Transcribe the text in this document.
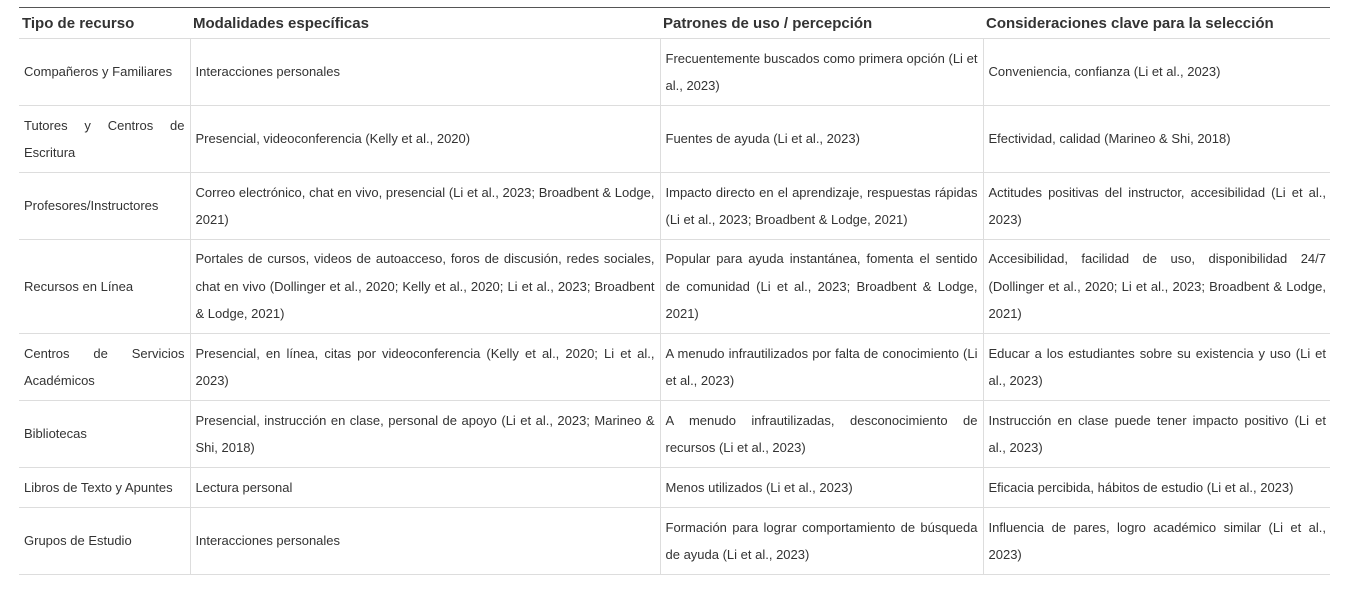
Tipo de recurso	Modalidades específicas	Patrones de uso / percepción	Consideraciones clave para la selección
Compañeros y Familiares	Interacciones personales	Frecuentemente buscados como primera opción (Li et al., 2023)	Conveniencia, confianza (Li et al., 2023)
Tutores y Centros de Escritura	Presencial, videoconferencia (Kelly et al., 2020)	Fuentes de ayuda (Li et al., 2023)	Efectividad, calidad (Marineo & Shi, 2018)
Profesores/Instructores	Correo electrónico, chat en vivo, presencial (Li et al., 2023; Broadbent & Lodge, 2021)	Impacto directo en el aprendizaje, respuestas rápidas (Li et al., 2023; Broadbent & Lodge, 2021)	Actitudes positivas del instructor, accesibilidad (Li et al., 2023)
Recursos en Línea	Portales de cursos, videos de autoacceso, foros de discusión, redes sociales, chat en vivo (Dollinger et al., 2020; Kelly et al., 2020; Li et al., 2023; Broadbent & Lodge, 2021)	Popular para ayuda instantánea, fomenta el sentido de comunidad (Li et al., 2023; Broadbent & Lodge, 2021)	Accesibilidad, facilidad de uso, disponibilidad 24/7 (Dollinger et al., 2020; Li et al., 2023; Broadbent & Lodge, 2021)
Centros de Servicios Académicos	Presencial, en línea, citas por videoconferencia (Kelly et al., 2020; Li et al., 2023)	A menudo infrautilizados por falta de conocimiento (Li et al., 2023)	Educar a los estudiantes sobre su existencia y uso (Li et al., 2023)
Bibliotecas	Presencial, instrucción en clase, personal de apoyo (Li et al., 2023; Marineo & Shi, 2018)	A menudo infrautilizadas, desconocimiento de recursos (Li et al., 2023)	Instrucción en clase puede tener impacto positivo (Li et al., 2023)
Libros de Texto y Apuntes	Lectura personal	Menos utilizados (Li et al., 2023)	Eficacia percibida, hábitos de estudio (Li et al., 2023)
Grupos de Estudio	Interacciones personales	Formación para lograr comportamiento de búsqueda de ayuda (Li et al., 2023)	Influencia de pares, logro académico similar (Li et al., 2023)
